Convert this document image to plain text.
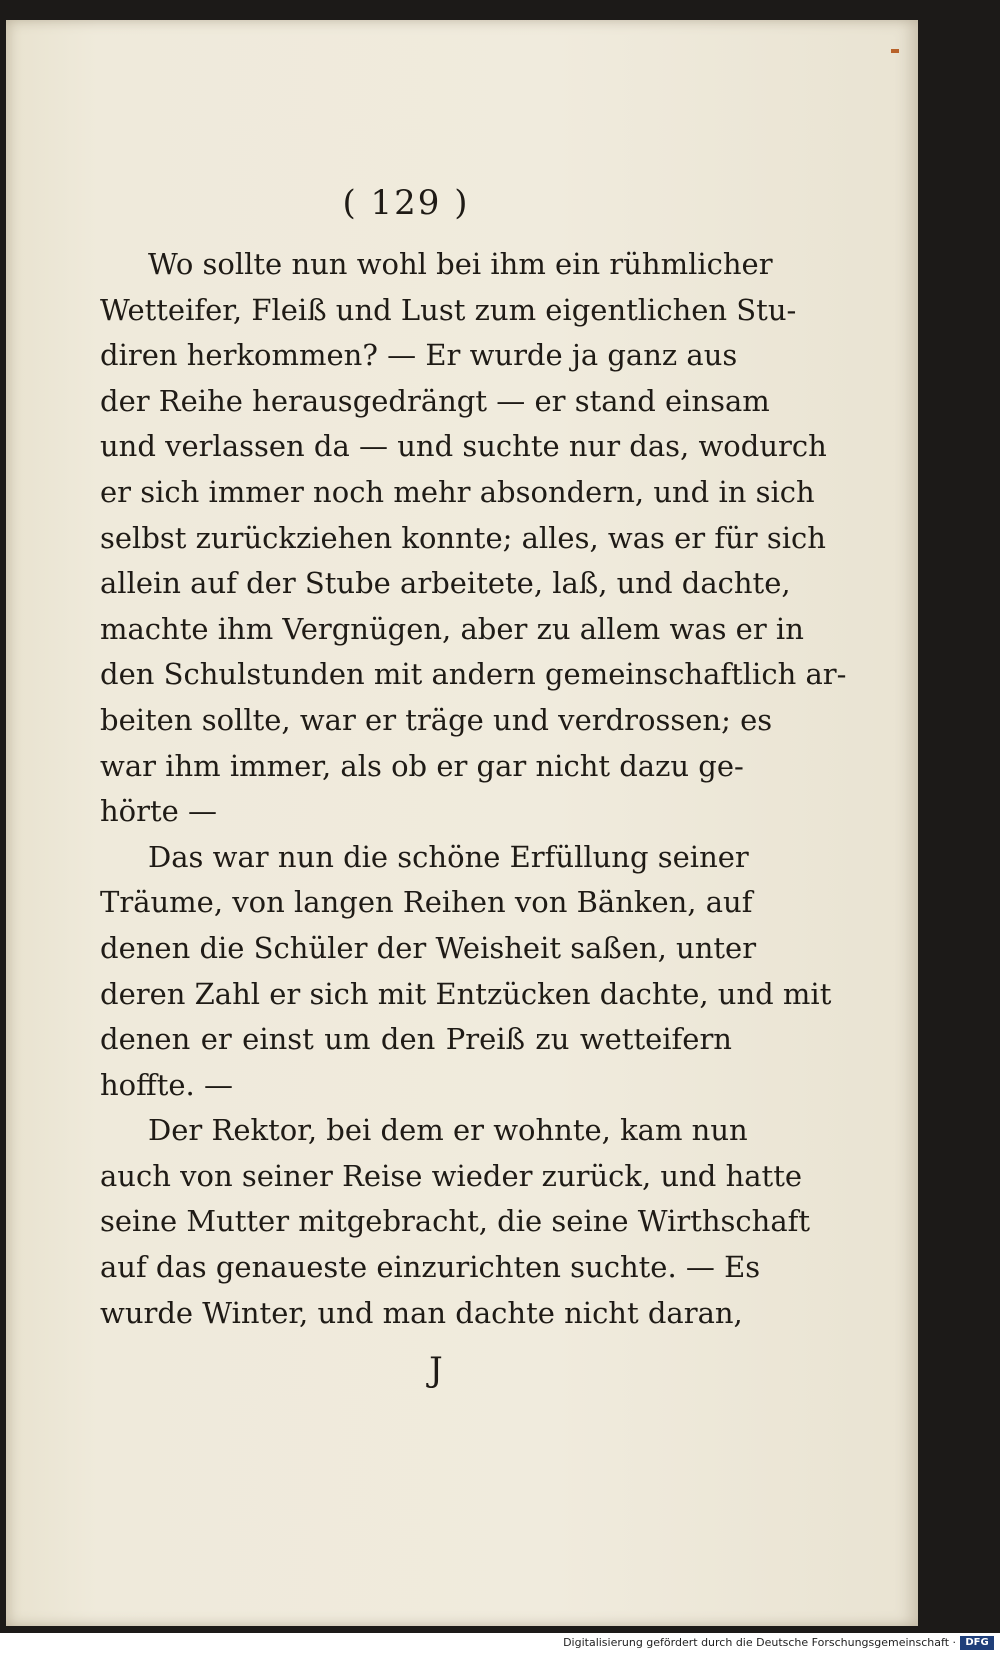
( 129 )
Wo sollte nun wohl bei ihm ein rühmlicher
Wetteifer, Fleiß und Lust zum eigentlichen Stu-
diren herkommen? — Er wurde ja ganz aus
der Reihe herausgedrängt — er stand einsam
und verlassen da — und suchte nur das, wodurch
er sich immer noch mehr absondern, und in sich
selbst zurückziehen konnte; alles, was er für sich
allein auf der Stube arbeitete, laß, und dachte,
machte ihm Vergnügen, aber zu allem was er in
den Schulstunden mit andern gemeinschaftlich ar-
beiten sollte, war er träge und verdrossen; es
war ihm immer, als ob er gar nicht dazu ge-
hörte —
Das war nun die schöne Erfüllung seiner
Träume, von langen Reihen von Bänken, auf
denen die Schüler der Weisheit saßen, unter
deren Zahl er sich mit Entzücken dachte, und mit
denen er einst um den Preiß zu wetteifern
hoffte. —
Der Rektor, bei dem er wohnte, kam nun
auch von seiner Reise wieder zurück, und hatte
seine Mutter mitgebracht, die seine Wirthschaft
auf das genaueste einzurichten suchte. — Es
wurde Winter, und man dachte nicht daran,
J
Digitalisierung gefördert durch die Deutsche Forschungsgemeinschaft · DFG
